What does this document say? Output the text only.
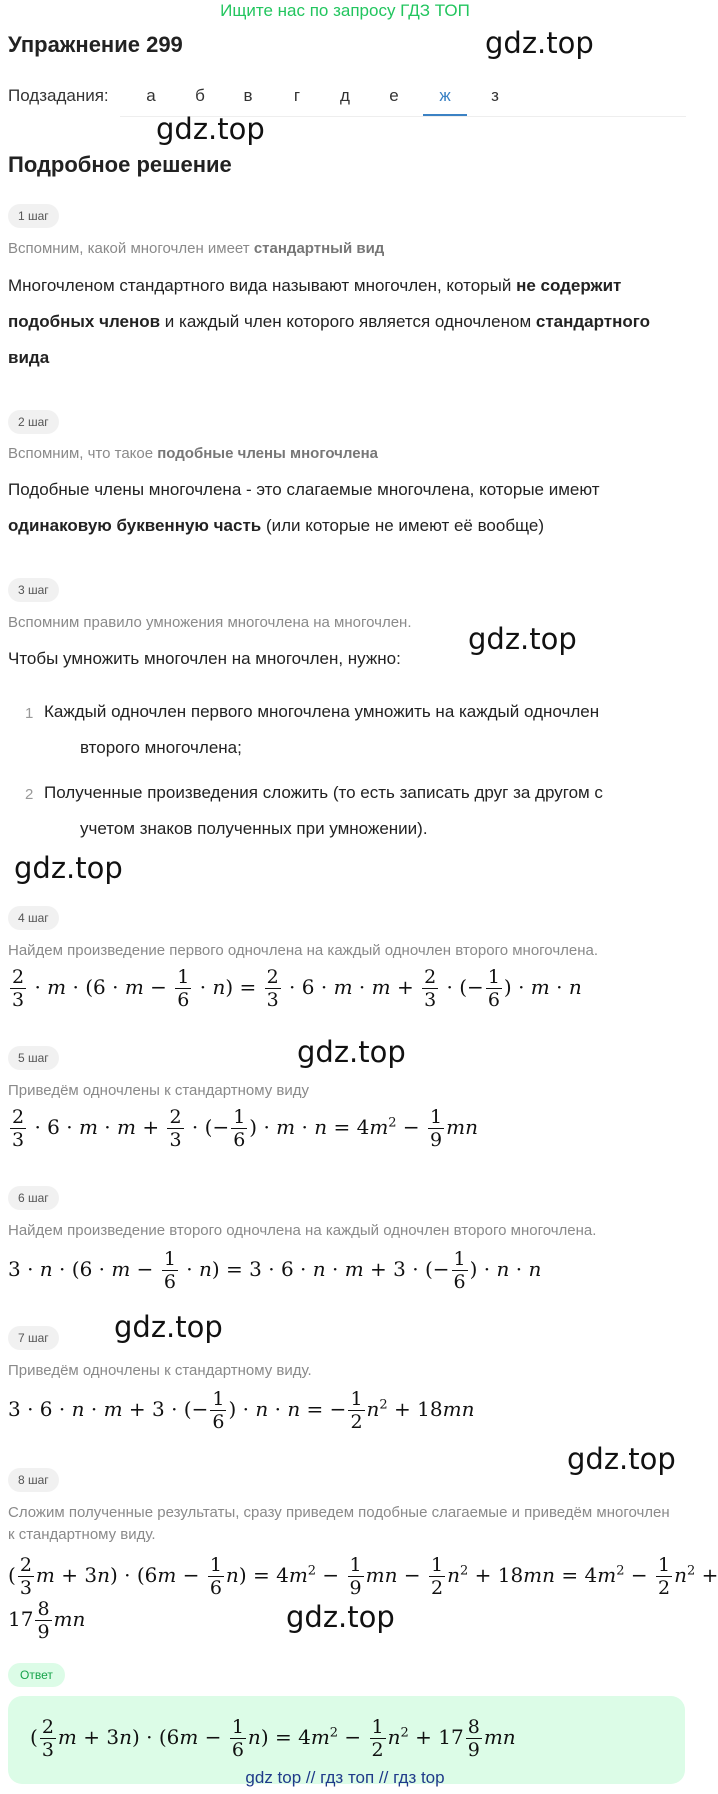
Ищите нас по запросу ГДЗ ТОП
Упражнение 299	gdz.top
Подзадания:	а	б	в	г	д	е	ж	з
gdz.top
Подробное решение
1 шаг
Вспомним, какой многочлен имеет стандартный вид
Многочленом стандартного вида называют многочлен, который не содержит подобных членов и каждый член которого является одночленом стандартного вида
2 шаг
Вспомним, что такое подобные члены многочлена
Подобные члены многочлена - это слагаемые многочлена, которые имеют одинаковую буквенную часть (или которые не имеют её вообще)
3 шаг
Вспомним правило умножения многочлена на многочлен.	gdz.top
Чтобы умножить многочлен на многочлен, нужно:
1 Каждый одночлен первого многочлена умножить на каждый одночлен
второго многочлена;
2 Полученные произведения сложить (то есть записать друг за другом с
учетом знаков полученных при умножении).
gdz.top
4 шаг
Найдем произведение первого одночлена на каждый одночлен второго многочлена.
$\frac{2}{3} \cdot m \cdot (6 \cdot m - \frac{1}{6} \cdot n) = \frac{2}{3} \cdot 6 \cdot m \cdot m + \frac{2}{3}$ · (− $\frac{1}{6}$ ) · m · n
gdz.top
5 шаг
Приведём одночлены к стандартному виду
$\frac{2}{3} \cdot 6 \cdot m \cdot m + \frac{2}{3}$ · (− $\frac{1}{6}$ ) · $m \cdot n = 4m^2 - \frac{1}{9}$ mn
6 шаг
Найдем произведение второго одночлена на каждый одночлен второго многочлена.
$3 \cdot n \cdot (6 \cdot m - \frac{1}{6} \cdot n) = 3 \cdot 6 \cdot n \cdot m + 3$ · (− $\frac{1}{6}$ ) · n · n
gdz.top
7 шаг
Приведём одночлены к стандартному виду.
3 · 6 · n · m + 3 · (− $\frac{1}{6}$ ) · n · n = − $\frac{1}{2} n^2 + 18mn$
gdz.top
8 шаг
Сложим полученные результаты, сразу приведем подобные слагаемые и приведём многочлен к стандартному виду.
( $\frac{2}{3}$ $m + 3n) \cdot (6m - \frac{1}{6} n) = 4m^2 - \frac{1}{9}$ mn − $\frac{1}{2} n^2 + 18mn = 4m^2 - \frac{1}{2} n^2$ +
$17 \frac{8}{9}$ mn	gdz.top
Ответ
( $\frac{2}{3}$ $m + 3n) \cdot (6m - \frac{1}{6} n) = 4m^2 - \frac{1}{2} n^2 + 17 \frac{8}{9}$ mn
gdz top // гдз топ // гдз top
